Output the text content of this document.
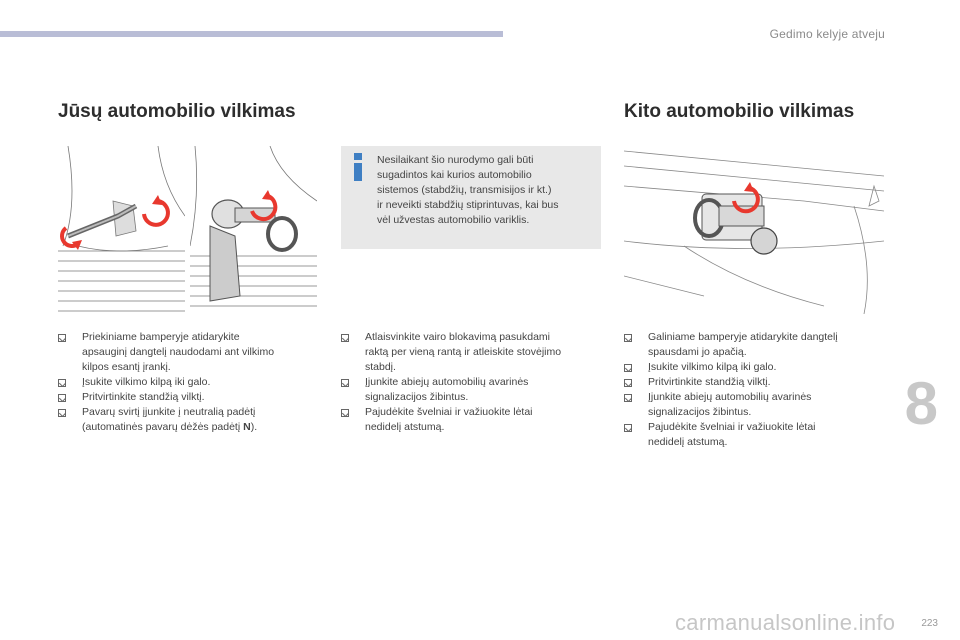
Gedimo kelyje atveju
Jūsų automobilio vilkimas	Kito automobilio vilkimas
Nesilaikant šio nurodymo gali būti
sugadintos kai kurios automobilio
sistemos (stabdžių, transmisijos ir kt.)
ir neveikti stabdžių stiprintuvas, kai bus
vėl užvestas automobilio variklis.
Priekiniame bamperyje atidarykite
apsauginį dangtelį naudodami ant vilkimo
kilpos esantį įrankį.
Įsukite vilkimo kilpą iki galo.
Pritvirtinkite standžią vilktį.
Pavarų svirtį įjunkite į neutralią padėtį
(automatinės pavarų dėžės padėtį N).
Atlaisvinkite vairo blokavimą pasukdami
raktą per vieną rantą ir atleiskite stovėjimo
stabdį.
Įjunkite abiejų automobilių avarinės
signalizacijos žibintus.
Pajudėkite švelniai ir važiuokite lėtai
nedidelį atstumą.
Galiniame bamperyje atidarykite dangtelį
spausdami jo apačią.
Įsukite vilkimo kilpą iki galo.
Pritvirtinkite standžią vilktį.
Įjunkite abiejų automobilių avarinės
signalizacijos žibintus.
Pajudėkite švelniai ir važiuokite lėtai
nedidelį atstumą.
8
223
carmanualsonline.info
